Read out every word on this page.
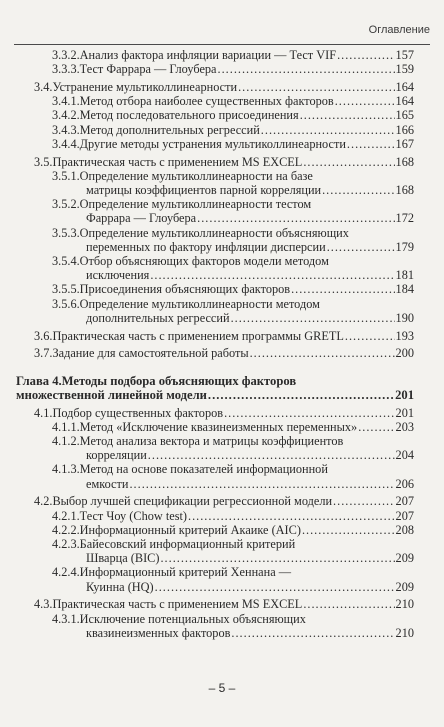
Оглавление
3.3.2. Анализ фактора инфляции вариации — Тест VIF .....	157
3.3.3. Тест Фаррара — Глоубера .....	159
3.4. Устранение мультиколлинеарности .....	164
3.4.1. Метод отбора наиболее существенных факторов .....	164
3.4.2. Метод последовательного присоединения .....	165
3.4.3. Метод дополнительных регрессий .....	166
3.4.4. Другие методы устранения мультиколлинеарности .....	167
3.5. Практическая часть с применением MS EXCEL .....	168
3.5.1. Определение мультиколлинеарности на базе
матрицы коэффициентов парной корреляции .....	168
3.5.2. Определение мультиколлинеарности тестом
Фаррара — Глоубера .....	172
3.5.3. Определение мультиколлинеарности объясняющих
переменных по фактору инфляции дисперсии .....	179
3.5.4. Отбор объясняющих факторов модели методом
исключения .....	181
3.5.5. Присоединения объясняющих факторов .....	184
3.5.6. Определение мультиколлинеарности методом
дополнительных регрессий .....	190
3.6. Практическая часть с применением программы GRETL .....	193
3.7. Задание для самостоятельной работы .....	200
Глава 4. Методы подбора объясняющих факторов
множественной линейной модели .....	201
4.1. Подбор существенных факторов .....	201
4.1.1. Метод «Исключение квазинеизменных переменных» .....	203
4.1.2. Метод анализа вектора и матрицы коэффициентов
корреляции .....	204
4.1.3. Метод на основе показателей информационной
емкости .....	206
4.2. Выбор лучшей спецификации регрессионной модели .....	207
4.2.1. Тест Чоу (Chow test) .....	207
4.2.2. Информационный критерий Акаике (AIC) .....	208
4.2.3. Байесовский информационный критерий
Шварца (BIC) .....	209
4.2.4. Информационный критерий Хеннана —
Куинна (HQ) .....	209
4.3. Практическая часть с применением MS EXCEL .....	210
4.3.1. Исключение потенциальных объясняющих
квазинеизменных факторов .....	210
– 5 –
